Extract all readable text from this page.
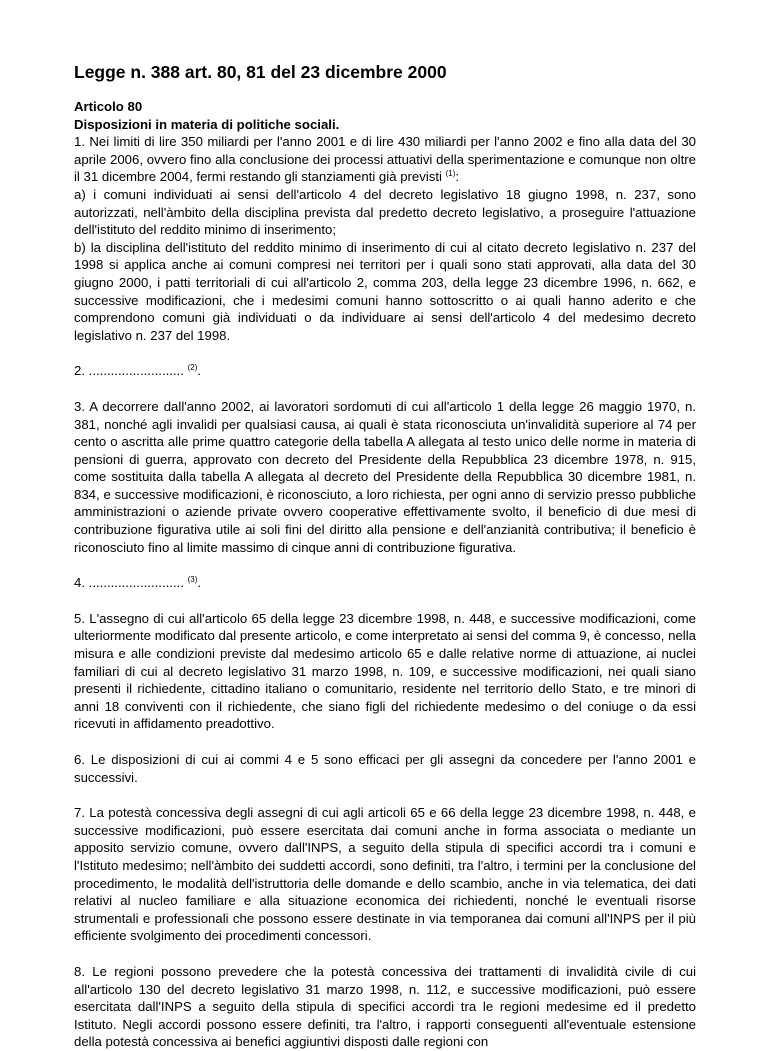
Legge n. 388 art. 80, 81 del 23 dicembre 2000
Articolo 80
Disposizioni in materia di politiche sociali.
1. Nei limiti di lire 350 miliardi per l'anno 2001 e di lire 430 miliardi per l'anno 2002 e fino alla data del 30 aprile 2006, ovvero fino alla conclusione dei processi attuativi della sperimentazione e comunque non oltre il 31 dicembre 2004, fermi restando gli stanziamenti già previsti $^{(1)}$:
a) i comuni individuati ai sensi dell'articolo 4 del decreto legislativo 18 giugno 1998, n. 237, sono autorizzati, nell'àmbito della disciplina prevista dal predetto decreto legislativo, a proseguire l'attuazione dell'istituto del reddito minimo di inserimento;

b) la disciplina dell'istituto del reddito minimo di inserimento di cui al citato decreto legislativo n. 237 del 1998 si applica anche ai comuni compresi nei territori per i quali sono stati approvati, alla data del 30 giugno 2000, i patti territoriali di cui all'articolo 2, comma 203, della legge 23 dicembre 1996, n. 662, e successive modificazioni, che i medesimi comuni hanno sottoscritto o ai quali hanno aderito e che comprendono comuni già individuati o da individuare ai sensi dell'articolo 4 del medesimo decreto legislativo n. 237 del 1998.

2. .......................... $^{(2)}$.

3. A decorrere dall'anno 2002, ai lavoratori sordomuti di cui all'articolo 1 della legge 26 maggio 1970, n. 381, nonché agli invalidi per qualsiasi causa, ai quali è stata riconosciuta un'invalidità superiore al 74 per cento o ascritta alle prime quattro categorie della tabella A allegata al testo unico delle norme in materia di pensioni di guerra, approvato con decreto del Presidente della Repubblica 23 dicembre 1978, n. 915, come sostituita dalla tabella A allegata al decreto del Presidente della Repubblica 30 dicembre 1981, n. 834, e successive modificazioni, è riconosciuto, a loro richiesta, per ogni anno di servizio presso pubbliche amministrazioni o aziende private ovvero cooperative effettivamente svolto, il beneficio di due mesi di contribuzione figurativa utile ai soli fini del diritto alla pensione e dell'anzianità contributiva; il beneficio è riconosciuto fino al limite massimo di cinque anni di contribuzione figurativa.

4. .......................... $^{(3)}$.

5. L'assegno di cui all'articolo 65 della legge 23 dicembre 1998, n. 448, e successive modificazioni, come ulteriormente modificato dal presente articolo, e come interpretato ai sensi del comma 9, è concesso, nella misura e alle condizioni previste dal medesimo articolo 65 e dalle relative norme di attuazione, ai nuclei familiari di cui al decreto legislativo 31 marzo 1998, n. 109, e successive modificazioni, nei quali siano presenti il richiedente, cittadino italiano o comunitario, residente nel territorio dello Stato, e tre minori di anni 18 conviventi con il richiedente, che siano figli del richiedente medesimo o del coniuge o da essi ricevuti in affidamento preadottivo.

6. Le disposizioni di cui ai commi 4 e 5 sono efficaci per gli assegni da concedere per l'anno 2001 e successivi.

7. La potestà concessiva degli assegni di cui agli articoli 65 e 66 della legge 23 dicembre 1998, n. 448, e successive modificazioni, può essere esercitata dai comuni anche in forma associata o mediante un apposito servizio comune, ovvero dall'INPS, a seguito della stipula di specifici accordi tra i comuni e l'Istituto medesimo; nell'àmbito dei suddetti accordi, sono definiti, tra l'altro, i termini per la conclusione del procedimento, le modalità dell'istruttoria delle domande e dello scambio, anche in via telematica, dei dati relativi al nucleo familiare e alla situazione economica dei richiedenti, nonché le eventuali risorse strumentali e professionali che possono essere destinate in via temporanea dai comuni all'INPS per il più efficiente svolgimento dei procedimenti concessori.

8. Le regioni possono prevedere che la potestà concessiva dei trattamenti di invalidità civile di cui all'articolo 130 del decreto legislativo 31 marzo 1998, n. 112, e successive modificazioni, può essere esercitata dall'INPS a seguito della stipula di specifici accordi tra le regioni medesime ed il predetto Istituto. Negli accordi possono essere definiti, tra l'altro, i rapporti conseguenti all'eventuale estensione della potestà concessiva ai benefici aggiuntivi disposti dalle regioni con
